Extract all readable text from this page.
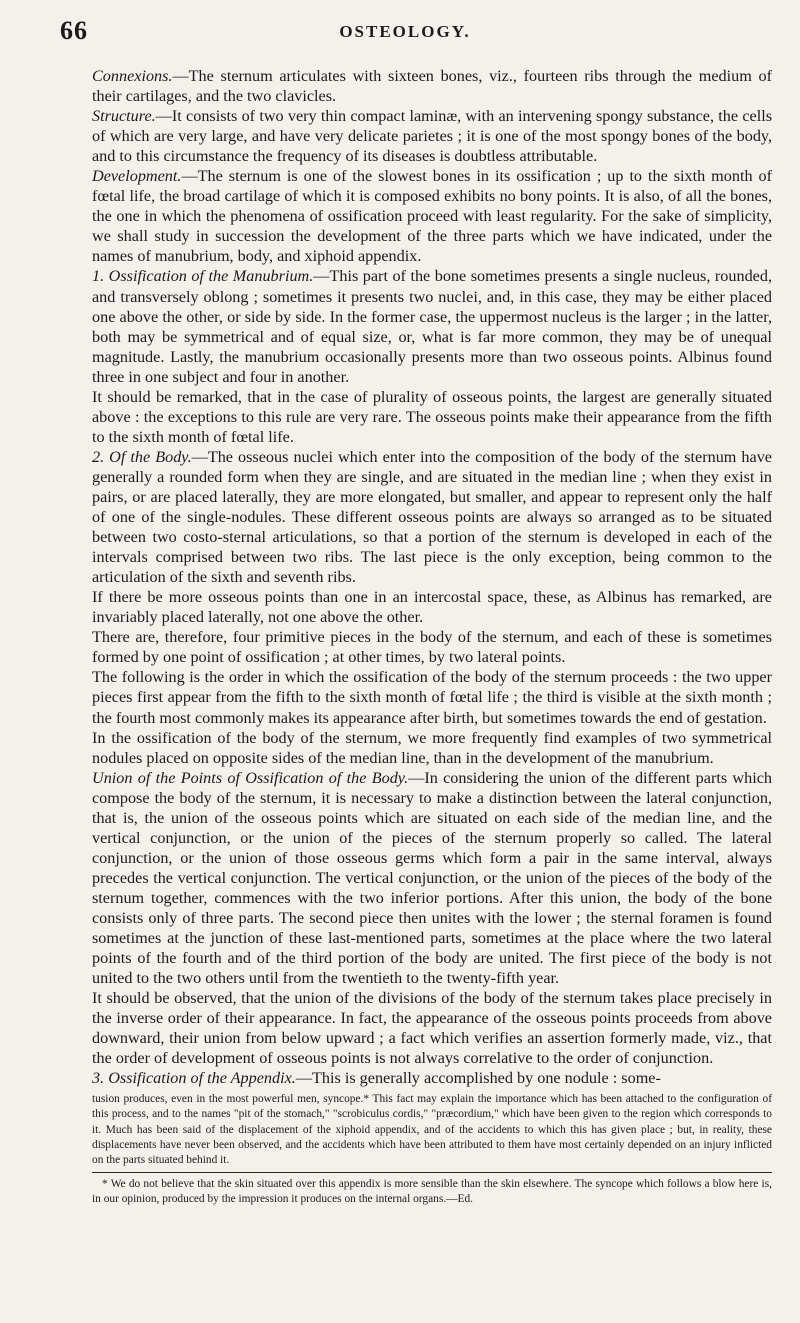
66	OSTEOLOGY.

Connexions.—The sternum articulates with sixteen bones, viz., fourteen ribs through the medium of their cartilages, and the two clavicles.

Structure.—It consists of two very thin compact laminæ, with an intervening spongy substance, the cells of which are very large, and have very delicate parietes ; it is one of the most spongy bones of the body, and to this circumstance the frequency of its diseases is doubtless attributable.

Development.—The sternum is one of the slowest bones in its ossification ; up to the sixth month of fœtal life, the broad cartilage of which it is composed exhibits no bony points. It is also, of all the bones, the one in which the phenomena of ossification proceed with least regularity. For the sake of simplicity, we shall study in succession the development of the three parts which we have indicated, under the names of manubrium, body, and xiphoid appendix.

1. Ossification of the Manubrium.—This part of the bone sometimes presents a single nucleus, rounded, and transversely oblong ; sometimes it presents two nuclei, and, in this case, they may be either placed one above the other, or side by side. In the former case, the uppermost nucleus is the larger ; in the latter, both may be symmetrical and of equal size, or, what is far more common, they may be of unequal magnitude. Lastly, the manubrium occasionally presents more than two osseous points. Albinus found three in one subject and four in another.

It should be remarked, that in the case of plurality of osseous points, the largest are generally situated above : the exceptions to this rule are very rare. The osseous points make their appearance from the fifth to the sixth month of fœtal life.

2. Of the Body.—The osseous nuclei which enter into the composition of the body of the sternum have generally a rounded form when they are single, and are situated in the median line ; when they exist in pairs, or are placed laterally, they are more elongated, but smaller, and appear to represent only the half of one of the single-nodules. These different osseous points are always so arranged as to be situated between two costo-sternal articulations, so that a portion of the sternum is developed in each of the intervals comprised between two ribs. The last piece is the only exception, being common to the articulation of the sixth and seventh ribs.

If there be more osseous points than one in an intercostal space, these, as Albinus has remarked, are invariably placed laterally, not one above the other.

There are, therefore, four primitive pieces in the body of the sternum, and each of these is sometimes formed by one point of ossification ; at other times, by two lateral points.

The following is the order in which the ossification of the body of the sternum proceeds : the two upper pieces first appear from the fifth to the sixth month of fœtal life ; the third is visible at the sixth month ; the fourth most commonly makes its appearance after birth, but sometimes towards the end of gestation.

In the ossification of the body of the sternum, we more frequently find examples of two symmetrical nodules placed on opposite sides of the median line, than in the development of the manubrium.

Union of the Points of Ossification of the Body.—In considering the union of the different parts which compose the body of the sternum, it is necessary to make a distinction between the lateral conjunction, that is, the union of the osseous points which are situated on each side of the median line, and the vertical conjunction, or the union of the pieces of the sternum properly so called. The lateral conjunction, or the union of those osseous germs which form a pair in the same interval, always precedes the vertical conjunction. The vertical conjunction, or the union of the pieces of the body of the sternum together, commences with the two inferior portions. After this union, the body of the bone consists only of three parts. The second piece then unites with the lower ; the sternal foramen is found sometimes at the junction of these last-mentioned parts, sometimes at the place where the two lateral points of the fourth and of the third portion of the body are united. The first piece of the body is not united to the two others until from the twentieth to the twenty-fifth year.

It should be observed, that the union of the divisions of the body of the sternum takes place precisely in the inverse order of their appearance. In fact, the appearance of the osseous points proceeds from above downward, their union from below upward ; a fact which verifies an assertion formerly made, viz., that the order of development of osseous points is not always correlative to the order of conjunction.

3. Ossification of the Appendix.—This is generally accomplished by one nodule : some-

tusion produces, even in the most powerful men, syncope.* This fact may explain the importance which has been attached to the configuration of this process, and to the names "pit of the stomach," "scrobiculus cordis," "præcordium," which have been given to the region which corresponds to it. Much has been said of the displacement of the xiphoid appendix, and of the accidents to which this has given place ; but, in reality, these displacements have never been observed, and the accidents which have been attributed to them have most certainly depended on an injury inflicted on the parts situated behind it.

* We do not believe that the skin situated over this appendix is more sensible than the skin elsewhere. The syncope which follows a blow here is, in our opinion, produced by the impression it produces on the internal organs.—Ed.
